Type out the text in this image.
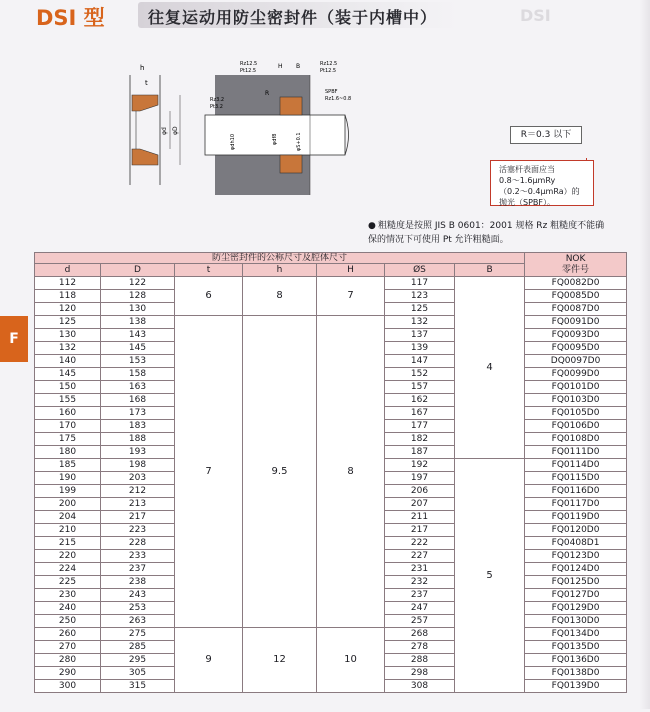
DSI 型	往复运动用防尘密封件（装于内槽中）	DSI
F
h
t
φd φD
Rz12.5
Pt12.5
H B	Rz12.5
Pt12.5
Rz3.2
Pt3.2
R	SPBF
Rz1.6~0.8
φdh10	φdf8	φS+0.1	R＝0.3 以下
活塞杆表面应当
0.8～1.6μmRy
（0.2～0.4μmRa）的
抛光（SPBF）。
● 粗糙度是按照 JIS B 0601：2001 规格 Rz 粗糙度不能确保的情况下可使用 Pt 允许粗糙面。
防尘密封件的公称尺寸及腔体尺寸							NOK
零件号

d	D	t	h	H	ØS	B	
112	122	6	8	7	117	4	FQ0082D0
118	128				123		FQ0085D0
120	130				125		FQ0087D0
125	138	7	9.5	8	132		FQ0091D0
130	143				137		FQ0093D0
132	145				139		FQ0095D0
140	153				147		DQ0097D0
145	158				152		FQ0099D0
150	163				157		FQ0101D0
155	168				162		FQ0103D0
160	173				167		FQ0105D0
170	183				177		FQ0106D0
175	188				182		FQ0108D0
180	193				187		FQ0111D0
185	198				192	5	FQ0114D0
190	203				197		FQ0115D0
199	212				206		FQ0116D0
200	213				207		FQ0117D0
204	217				211		FQ0119D0
210	223				217		FQ0120D0
215	228				222		FQ0408D1
220	233				227		FQ0123D0
224	237				231		FQ0124D0
225	238				232		FQ0125D0
230	243				237		FQ0127D0
240	253				247		FQ0129D0
250	263				257		FQ0130D0
260	275	9	12	10	268		FQ0134D0
270	285				278		FQ0135D0
280	295				288		FQ0136D0
290	305				298		FQ0138D0
300	315				308		FQ0139D0
